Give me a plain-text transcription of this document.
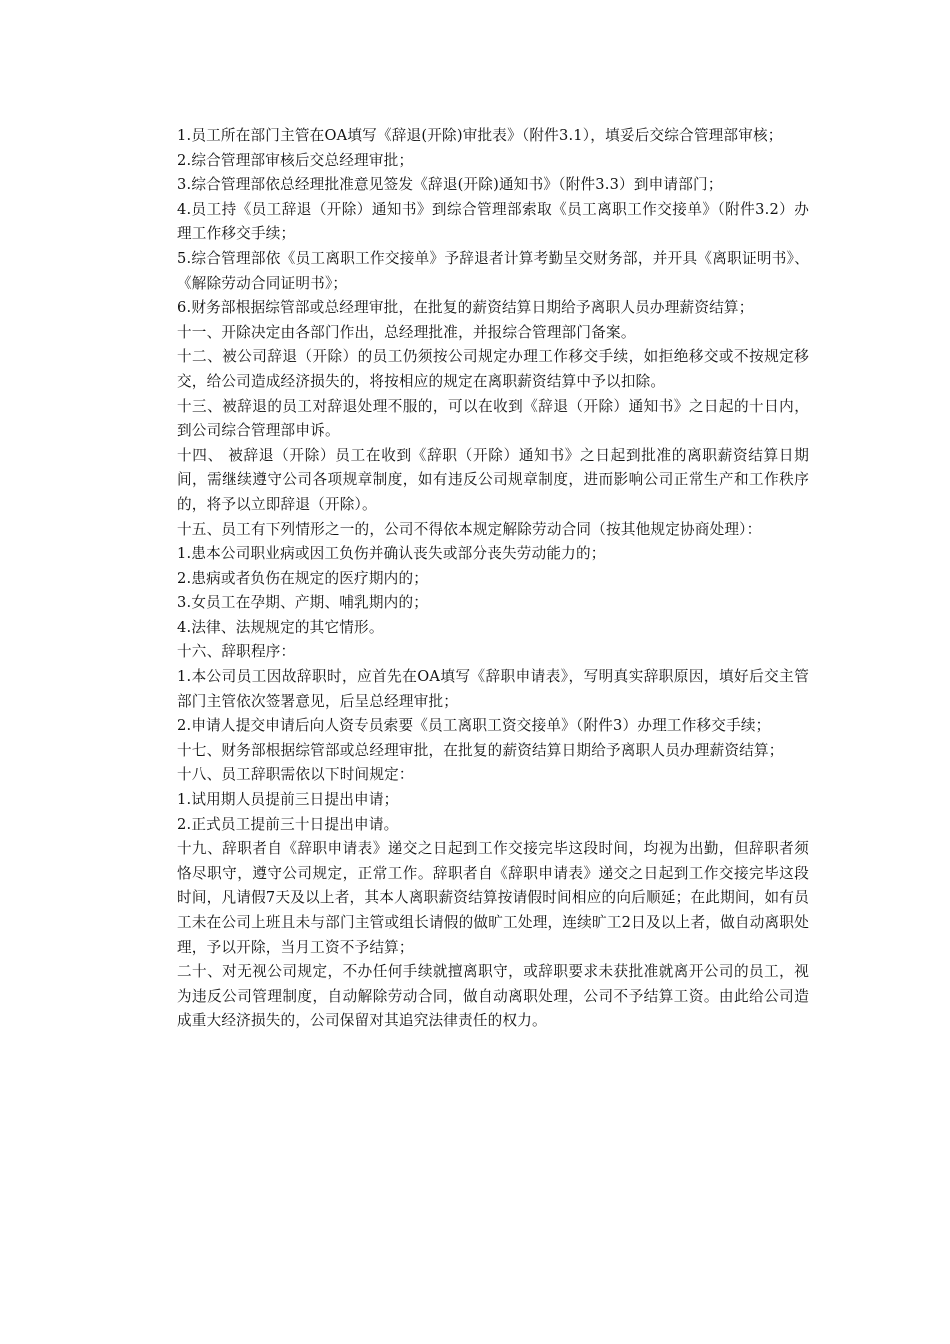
1.员工所在部门主管在OA填写《辞退(开除)审批表》（附件3.1），填妥后交综合管理部审核；

2.综合管理部审核后交总经理审批；

3.综合管理部依总经理批准意见签发《辞退(开除)通知书》（附件3.3）到申请部门；

4.员工持《员工辞退（开除）通知书》到综合管理部索取《员工离职工作交接单》（附件3.2）办理工作移交手续；

5.综合管理部依《员工离职工作交接单》予辞退者计算考勤呈交财务部，并开具《离职证明书》、《解除劳动合同证明书》；

6.财务部根据综管部或总经理审批，在批复的薪资结算日期给予离职人员办理薪资结算；

十一、开除决定由各部门作出，总经理批准，并报综合管理部门备案。

十二、被公司辞退（开除）的员工仍须按公司规定办理工作移交手续，如拒绝移交或不按规定移交，给公司造成经济损失的，将按相应的规定在离职薪资结算中予以扣除。

十三、被辞退的员工对辞退处理不服的，可以在收到《辞退（开除）通知书》之日起的十日内，到公司综合管理部申诉。

十四、 被辞退（开除）员工在收到《辞职（开除）通知书》之日起到批准的离职薪资结算日期间，需继续遵守公司各项规章制度，如有违反公司规章制度，进而影响公司正常生产和工作秩序的，将予以立即辞退（开除）。

十五、员工有下列情形之一的，公司不得依本规定解除劳动合同（按其他规定协商处理）：

1.患本公司职业病或因工负伤并确认丧失或部分丧失劳动能力的；

2.患病或者负伤在规定的医疗期内的；

3.女员工在孕期、产期、哺乳期内的；

4.法律、法规规定的其它情形。

十六、辞职程序：

1.本公司员工因故辞职时，应首先在OA填写《辞职申请表》，写明真实辞职原因，填好后交主管部门主管依次签署意见，后呈总经理审批；

2.申请人提交申请后向人资专员索要《员工离职工资交接单》（附件3）办理工作移交手续；

十七、财务部根据综管部或总经理审批，在批复的薪资结算日期给予离职人员办理薪资结算；

十八、员工辞职需依以下时间规定：

1.试用期人员提前三日提出申请；

2.正式员工提前三十日提出申请。

十九、辞职者自《辞职申请表》递交之日起到工作交接完毕这段时间，均视为出勤，但辞职者须恪尽职守，遵守公司规定，正常工作。辞职者自《辞职申请表》递交之日起到工作交接完毕这段时间，凡请假7天及以上者，其本人离职薪资结算按请假时间相应的向后顺延；在此期间，如有员工未在公司上班且未与部门主管或组长请假的做旷工处理，连续旷工2日及以上者，做自动离职处理，予以开除，当月工资不予结算；

二十、对无视公司规定，不办任何手续就擅离职守，或辞职要求未获批准就离开公司的员工，视为违反公司管理制度，自动解除劳动合同，做自动离职处理，公司不予结算工资。由此给公司造成重大经济损失的，公司保留对其追究法律责任的权力。
